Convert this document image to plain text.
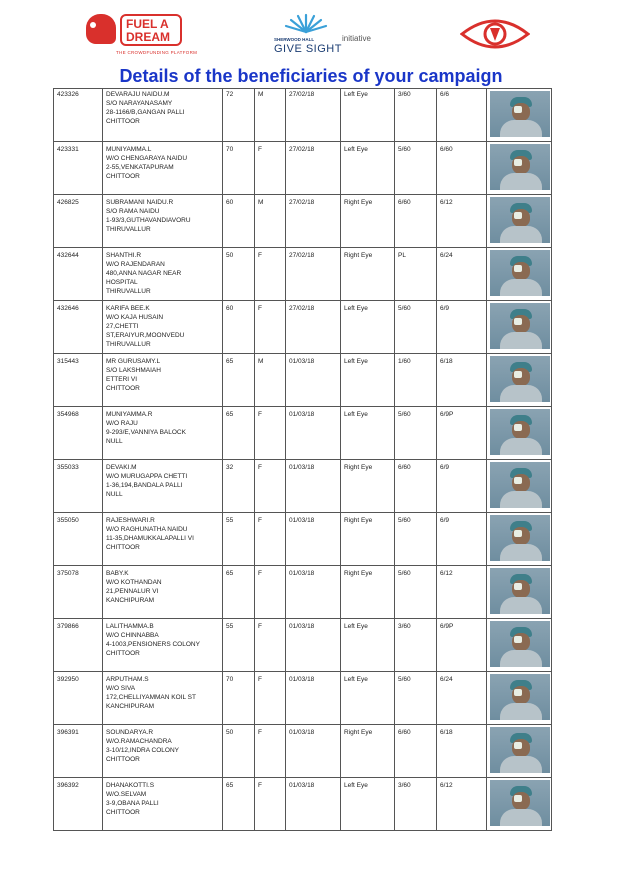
FUEL A
DREAM
THE CROWDFUNDING PLATFORM
SHERWOOD HALL
GIVE SIGHT
initiative
Details of the beneficiaries of your campaign
423326	DEVARAJU NAIDU.M
S/O NARAYANASAMY
28-1166/B,GANGAN PALLI
CHITTOOR	72	M	27/02/18	Left Eye	3/60	6/6	

423331	MUNIYAMMA.L
W/O CHENGARAYA NAIDU
2-55,VENKATAPURAM
CHITTOOR	70	F	27/02/18	Left Eye	5/60	6/60	

426825	SUBRAMANI NAIDU.R
S/O RAMA NAIDU
1-93/3,GUTHAVANDIAVORU
THIRUVALLUR	60	M	27/02/18	Right Eye	6/60	6/12	

432644	SHANTHI.R
W/O RAJENDARAN
480,ANNA NAGAR NEAR
HOSPITAL
THIRUVALLUR	50	F	27/02/18	Right Eye	PL	6/24	

432646	KARIFA BEE.K
W/O KAJA HUSAIN
27,CHETTI
ST,ERAIYUR,MOONVEDU
THIRUVALLUR	60	F	27/02/18	Left Eye	5/60	6/9	

315443	MR GURUSAMY.L
S/O LAKSHMAIAH
ETTERI VI
CHITTOOR	65	M	01/03/18	Left Eye	1/60	6/18	

354968	MUNIYAMMA.R
W/O RAJU
9-293/E,VANNIYA BALOCK
NULL	65	F	01/03/18	Left Eye	5/60	6/9P	

355033	DEVAKI.M
W/O MURUGAPPA CHETTI
1-36,194,BANDALA PALLI
NULL	32	F	01/03/18	Right Eye	6/60	6/9	

355050	RAJESHWARI.R
W/O RAGHUNATHA NAIDU
11-35,DHAMUKKALAPALLI VI
CHITTOOR	55	F	01/03/18	Right Eye	5/60	6/9	

375078	BABY.K
W/O KOTHANDAN
21,PENNALUR VI
KANCHIPURAM	65	F	01/03/18	Right Eye	5/60	6/12	

379866	LALITHAMMA.B
W/O CHINNABBA
4-1003,PENSIONERS COLONY
CHITTOOR	55	F	01/03/18	Left Eye	3/60	6/9P	

392950	ARPUTHAM.S
W/O SIVA
172,CHELLIYAMMAN KOIL ST
KANCHIPURAM	70	F	01/03/18	Left Eye	5/60	6/24	

396391	SOUNDARYA.R
W/O.RAMACHANDRA
3-10/12,INDRA COLONY
CHITTOOR	50	F	01/03/18	Right Eye	6/60	6/18	

396392	DHANAKOTTI.S
W/O.SELVAM
3-9,OBANA PALLI
CHITTOOR	65	F	01/03/18	Left Eye	3/60	6/12	
